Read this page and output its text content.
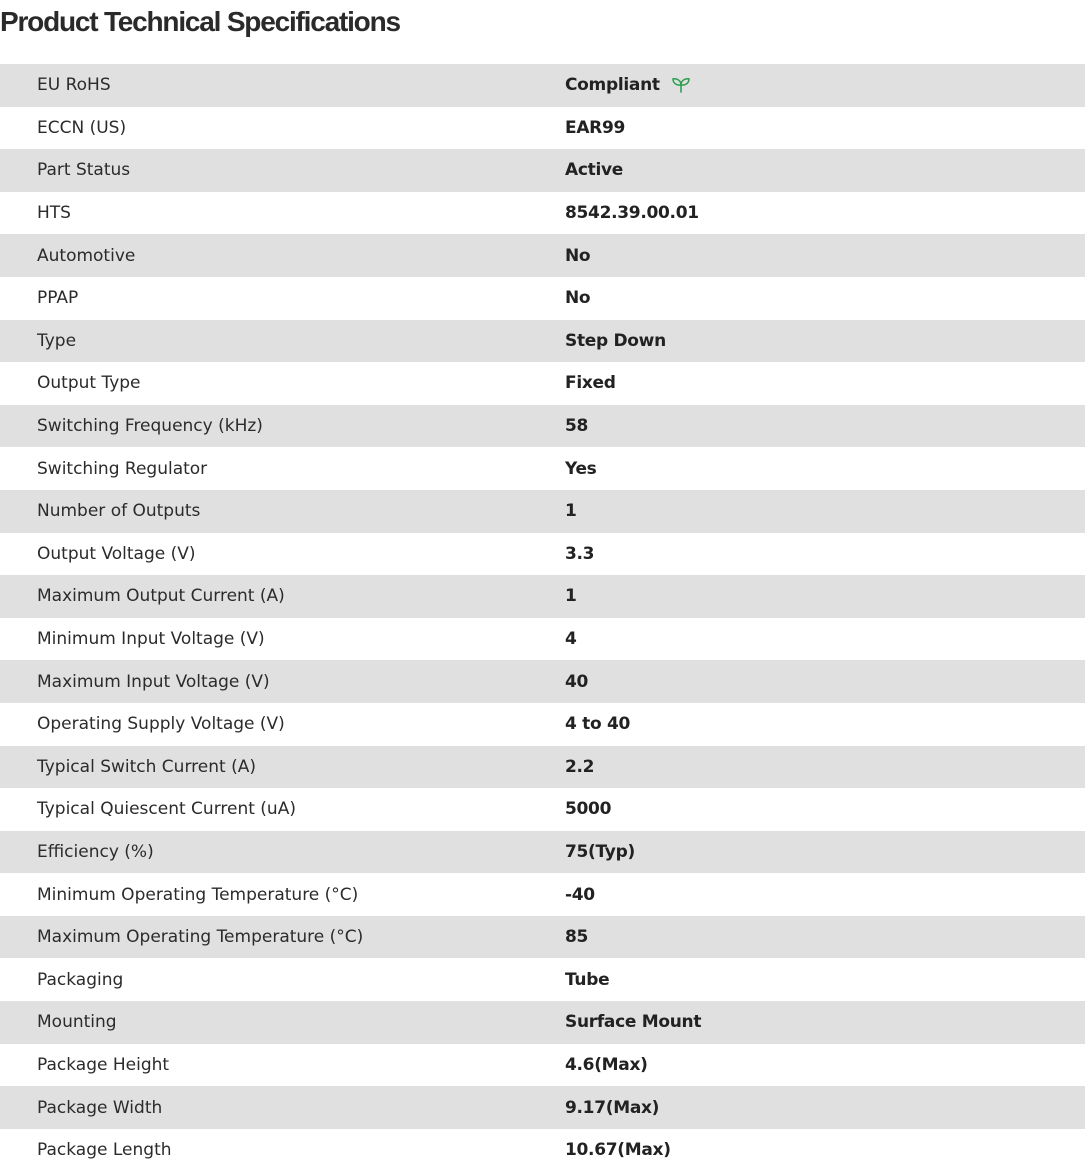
Product Technical Specifications
EU RoHS	Compliant
ECCN (US)	EAR99
Part Status	Active
HTS	8542.39.00.01
Automotive	No
PPAP	No
Type	Step Down
Output Type	Fixed
Switching Frequency (kHz)	58
Switching Regulator	Yes
Number of Outputs	1
Output Voltage (V)	3.3
Maximum Output Current (A)	1
Minimum Input Voltage (V)	4
Maximum Input Voltage (V)	40
Operating Supply Voltage (V)	4 to 40
Typical Switch Current (A)	2.2
Typical Quiescent Current (uA)	5000
Efficiency (%)	75(Typ)
Minimum Operating Temperature (°C)	-40
Maximum Operating Temperature (°C)	85
Packaging	Tube
Mounting	Surface Mount
Package Height	4.6(Max)
Package Width	9.17(Max)
Package Length	10.67(Max)
